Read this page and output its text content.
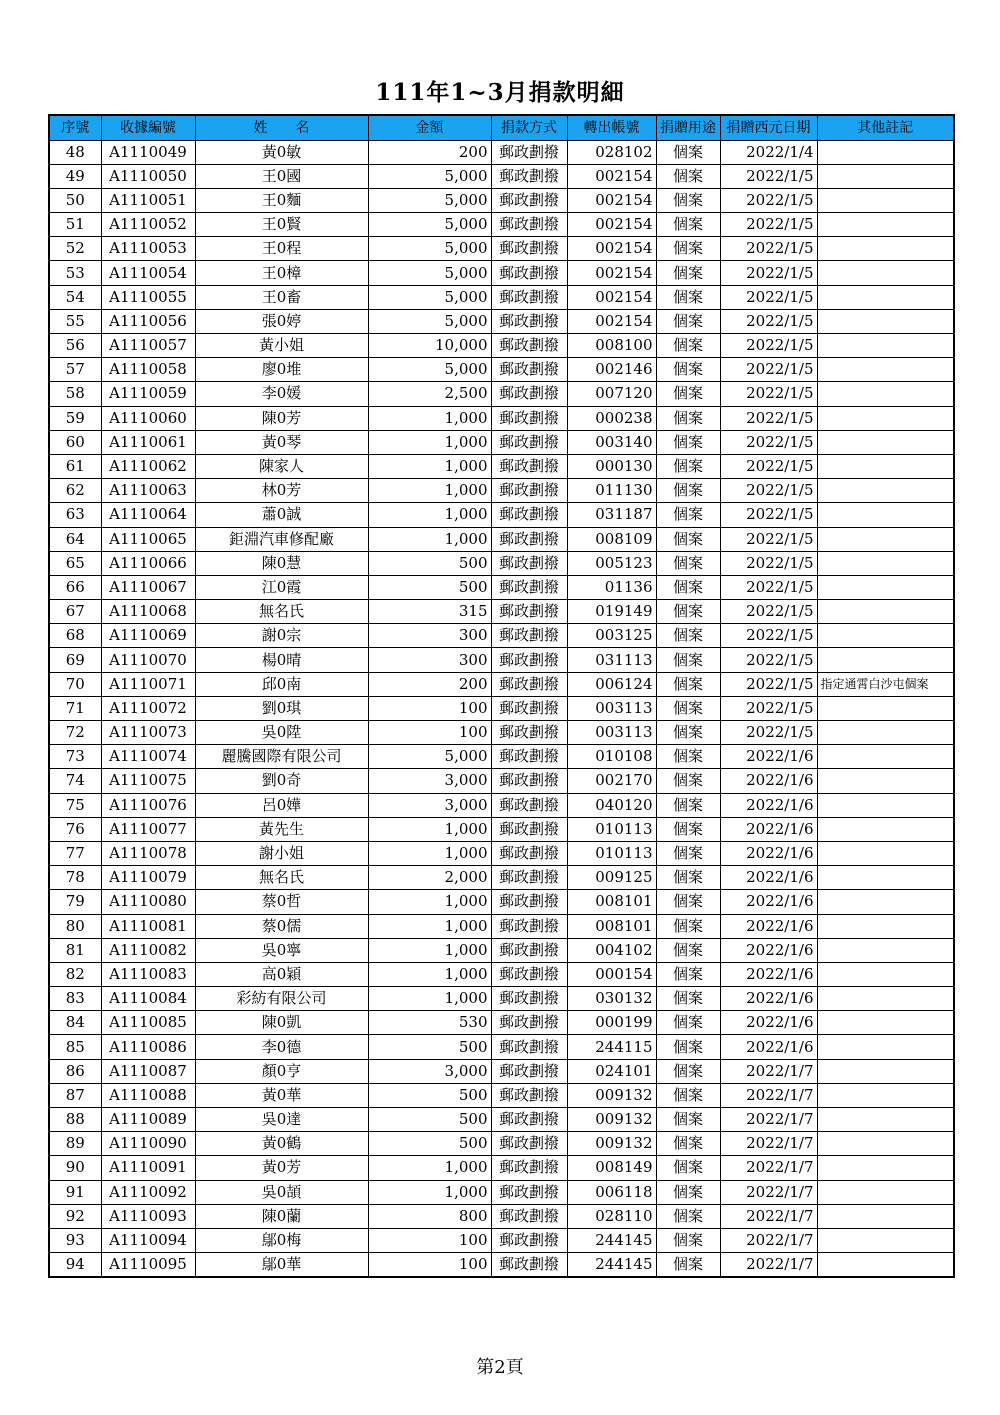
111年1~3月捐款明細
序號	收據編號	姓　　名	金額	捐款方式	轉出帳號	捐贈用途	捐贈西元日期	其他註記
48	A1110049	黃0敏	200	郵政劃撥	028102	個案	2022/1/4	
49	A1110050	王0國	5,000	郵政劃撥	002154	個案	2022/1/5	
50	A1110051	王0麵	5,000	郵政劃撥	002154	個案	2022/1/5	
51	A1110052	王0賢	5,000	郵政劃撥	002154	個案	2022/1/5	
52	A1110053	王0程	5,000	郵政劃撥	002154	個案	2022/1/5	
53	A1110054	王0樟	5,000	郵政劃撥	002154	個案	2022/1/5	
54	A1110055	王0畜	5,000	郵政劃撥	002154	個案	2022/1/5	
55	A1110056	張0婷	5,000	郵政劃撥	002154	個案	2022/1/5	
56	A1110057	黃小姐	10,000	郵政劃撥	008100	個案	2022/1/5	
57	A1110058	廖0堆	5,000	郵政劃撥	002146	個案	2022/1/5	
58	A1110059	李0媛	2,500	郵政劃撥	007120	個案	2022/1/5	
59	A1110060	陳0芳	1,000	郵政劃撥	000238	個案	2022/1/5	
60	A1110061	黃0琴	1,000	郵政劃撥	003140	個案	2022/1/5	
61	A1110062	陳家人	1,000	郵政劃撥	000130	個案	2022/1/5	
62	A1110063	林0芳	1,000	郵政劃撥	011130	個案	2022/1/5	
63	A1110064	蕭0誠	1,000	郵政劃撥	031187	個案	2022/1/5	
64	A1110065	鉅淵汽車修配廠	1,000	郵政劃撥	008109	個案	2022/1/5	
65	A1110066	陳0慧	500	郵政劃撥	005123	個案	2022/1/5	
66	A1110067	江0霞	500	郵政劃撥	01136	個案	2022/1/5	
67	A1110068	無名氏	315	郵政劃撥	019149	個案	2022/1/5	
68	A1110069	謝0宗	300	郵政劃撥	003125	個案	2022/1/5	
69	A1110070	楊0晴	300	郵政劃撥	031113	個案	2022/1/5	
70	A1110071	邱0南	200	郵政劃撥	006124	個案	2022/1/5	指定通霄白沙屯個案
71	A1110072	劉0琪	100	郵政劃撥	003113	個案	2022/1/5	
72	A1110073	吳0陞	100	郵政劃撥	003113	個案	2022/1/5	
73	A1110074	麗騰國際有限公司	5,000	郵政劃撥	010108	個案	2022/1/6	
74	A1110075	劉0奇	3,000	郵政劃撥	002170	個案	2022/1/6	
75	A1110076	呂0嬅	3,000	郵政劃撥	040120	個案	2022/1/6	
76	A1110077	黃先生	1,000	郵政劃撥	010113	個案	2022/1/6	
77	A1110078	謝小姐	1,000	郵政劃撥	010113	個案	2022/1/6	
78	A1110079	無名氏	2,000	郵政劃撥	009125	個案	2022/1/6	
79	A1110080	蔡0哲	1,000	郵政劃撥	008101	個案	2022/1/6	
80	A1110081	蔡0儒	1,000	郵政劃撥	008101	個案	2022/1/6	
81	A1110082	吳0寧	1,000	郵政劃撥	004102	個案	2022/1/6	
82	A1110083	高0穎	1,000	郵政劃撥	000154	個案	2022/1/6	
83	A1110084	彩紡有限公司	1,000	郵政劃撥	030132	個案	2022/1/6	
84	A1110085	陳0凱	530	郵政劃撥	000199	個案	2022/1/6	
85	A1110086	李0德	500	郵政劃撥	244115	個案	2022/1/6	
86	A1110087	顏0亨	3,000	郵政劃撥	024101	個案	2022/1/7	
87	A1110088	黃0華	500	郵政劃撥	009132	個案	2022/1/7	
88	A1110089	吳0達	500	郵政劃撥	009132	個案	2022/1/7	
89	A1110090	黃0鶴	500	郵政劃撥	009132	個案	2022/1/7	
90	A1110091	黃0芳	1,000	郵政劃撥	008149	個案	2022/1/7	
91	A1110092	吳0頡	1,000	郵政劃撥	006118	個案	2022/1/7	
92	A1110093	陳0蘭	800	郵政劃撥	028110	個案	2022/1/7	
93	A1110094	鄔0梅	100	郵政劃撥	244145	個案	2022/1/7	
94	A1110095	鄔0華	100	郵政劃撥	244145	個案	2022/1/7	
第2頁
